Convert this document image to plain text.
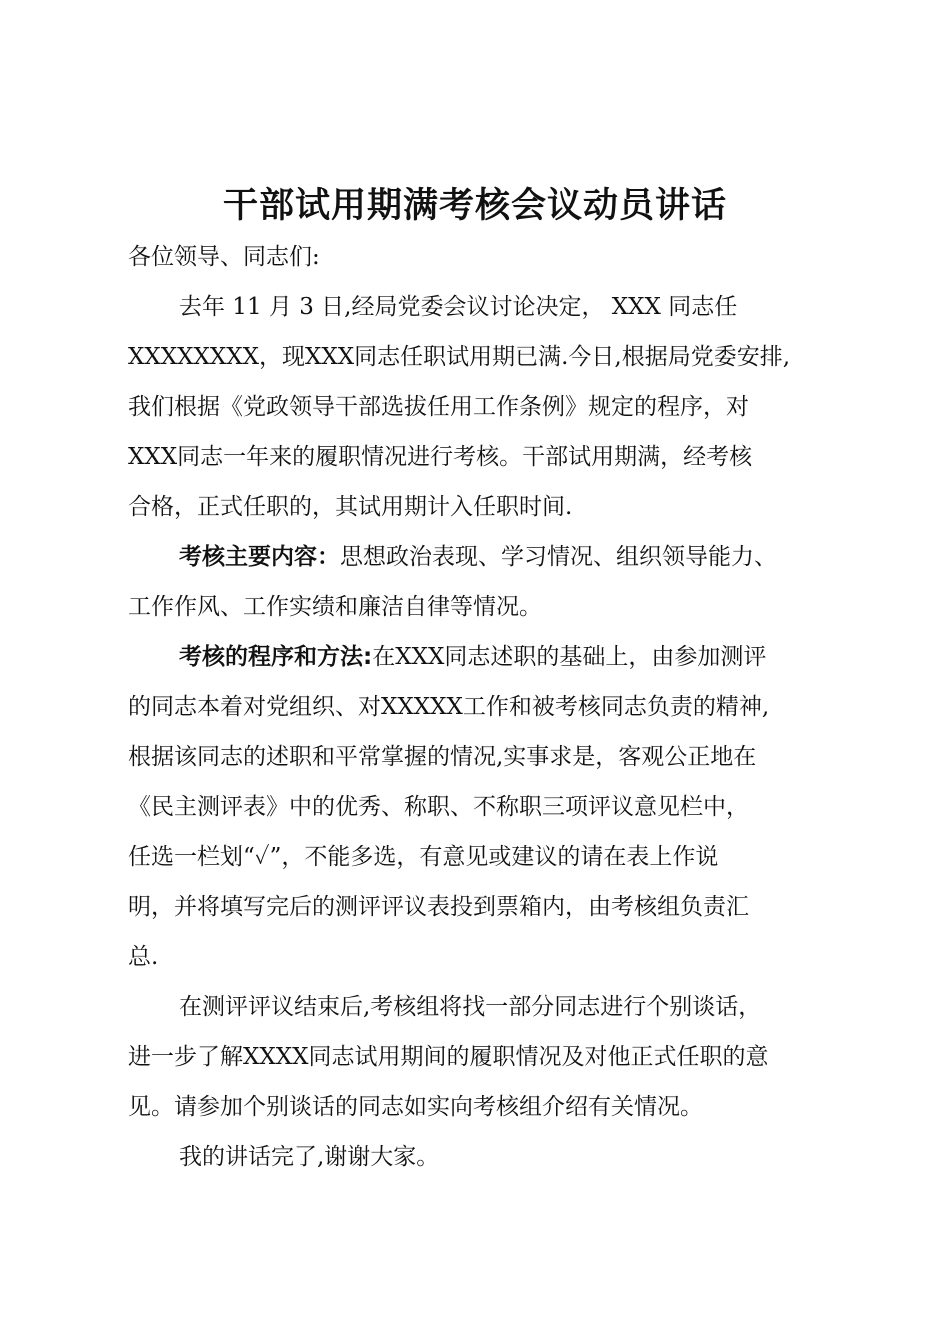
干部试用期满考核会议动员讲话
各位领导、同志们:
去年 11 月 3 日,经局党委会议讨论决定， XXX 同志任
XXXXXXXX，现XXX同志任职试用期已满.今日,根据局党委安排,
我们根据《党政领导干部选拔任用工作条例》规定的程序，对
XXX同志一年来的履职情况进行考核。干部试用期满，经考核
合格，正式任职的，其试用期计入任职时间.
考核主要内容：思想政治表现、学习情况、组织领导能力、
工作作风、工作实绩和廉洁自律等情况。
考核的程序和方法:在XXX同志述职的基础上，由参加测评
的同志本着对党组织、对XXXXX工作和被考核同志负责的精神,
根据该同志的述职和平常掌握的情况,实事求是，客观公正地在
《民主测评表》中的优秀、称职、不称职三项评议意见栏中，
任选一栏划“✓”，不能多选，有意见或建议的请在表上作说
明，并将填写完后的测评评议表投到票箱内，由考核组负责汇
总.
在测评评议结束后,考核组将找一部分同志进行个别谈话，
进一步了解XXXX同志试用期间的履职情况及对他正式任职的意
见。请参加个别谈话的同志如实向考核组介绍有关情况。
我的讲话完了,谢谢大家。
